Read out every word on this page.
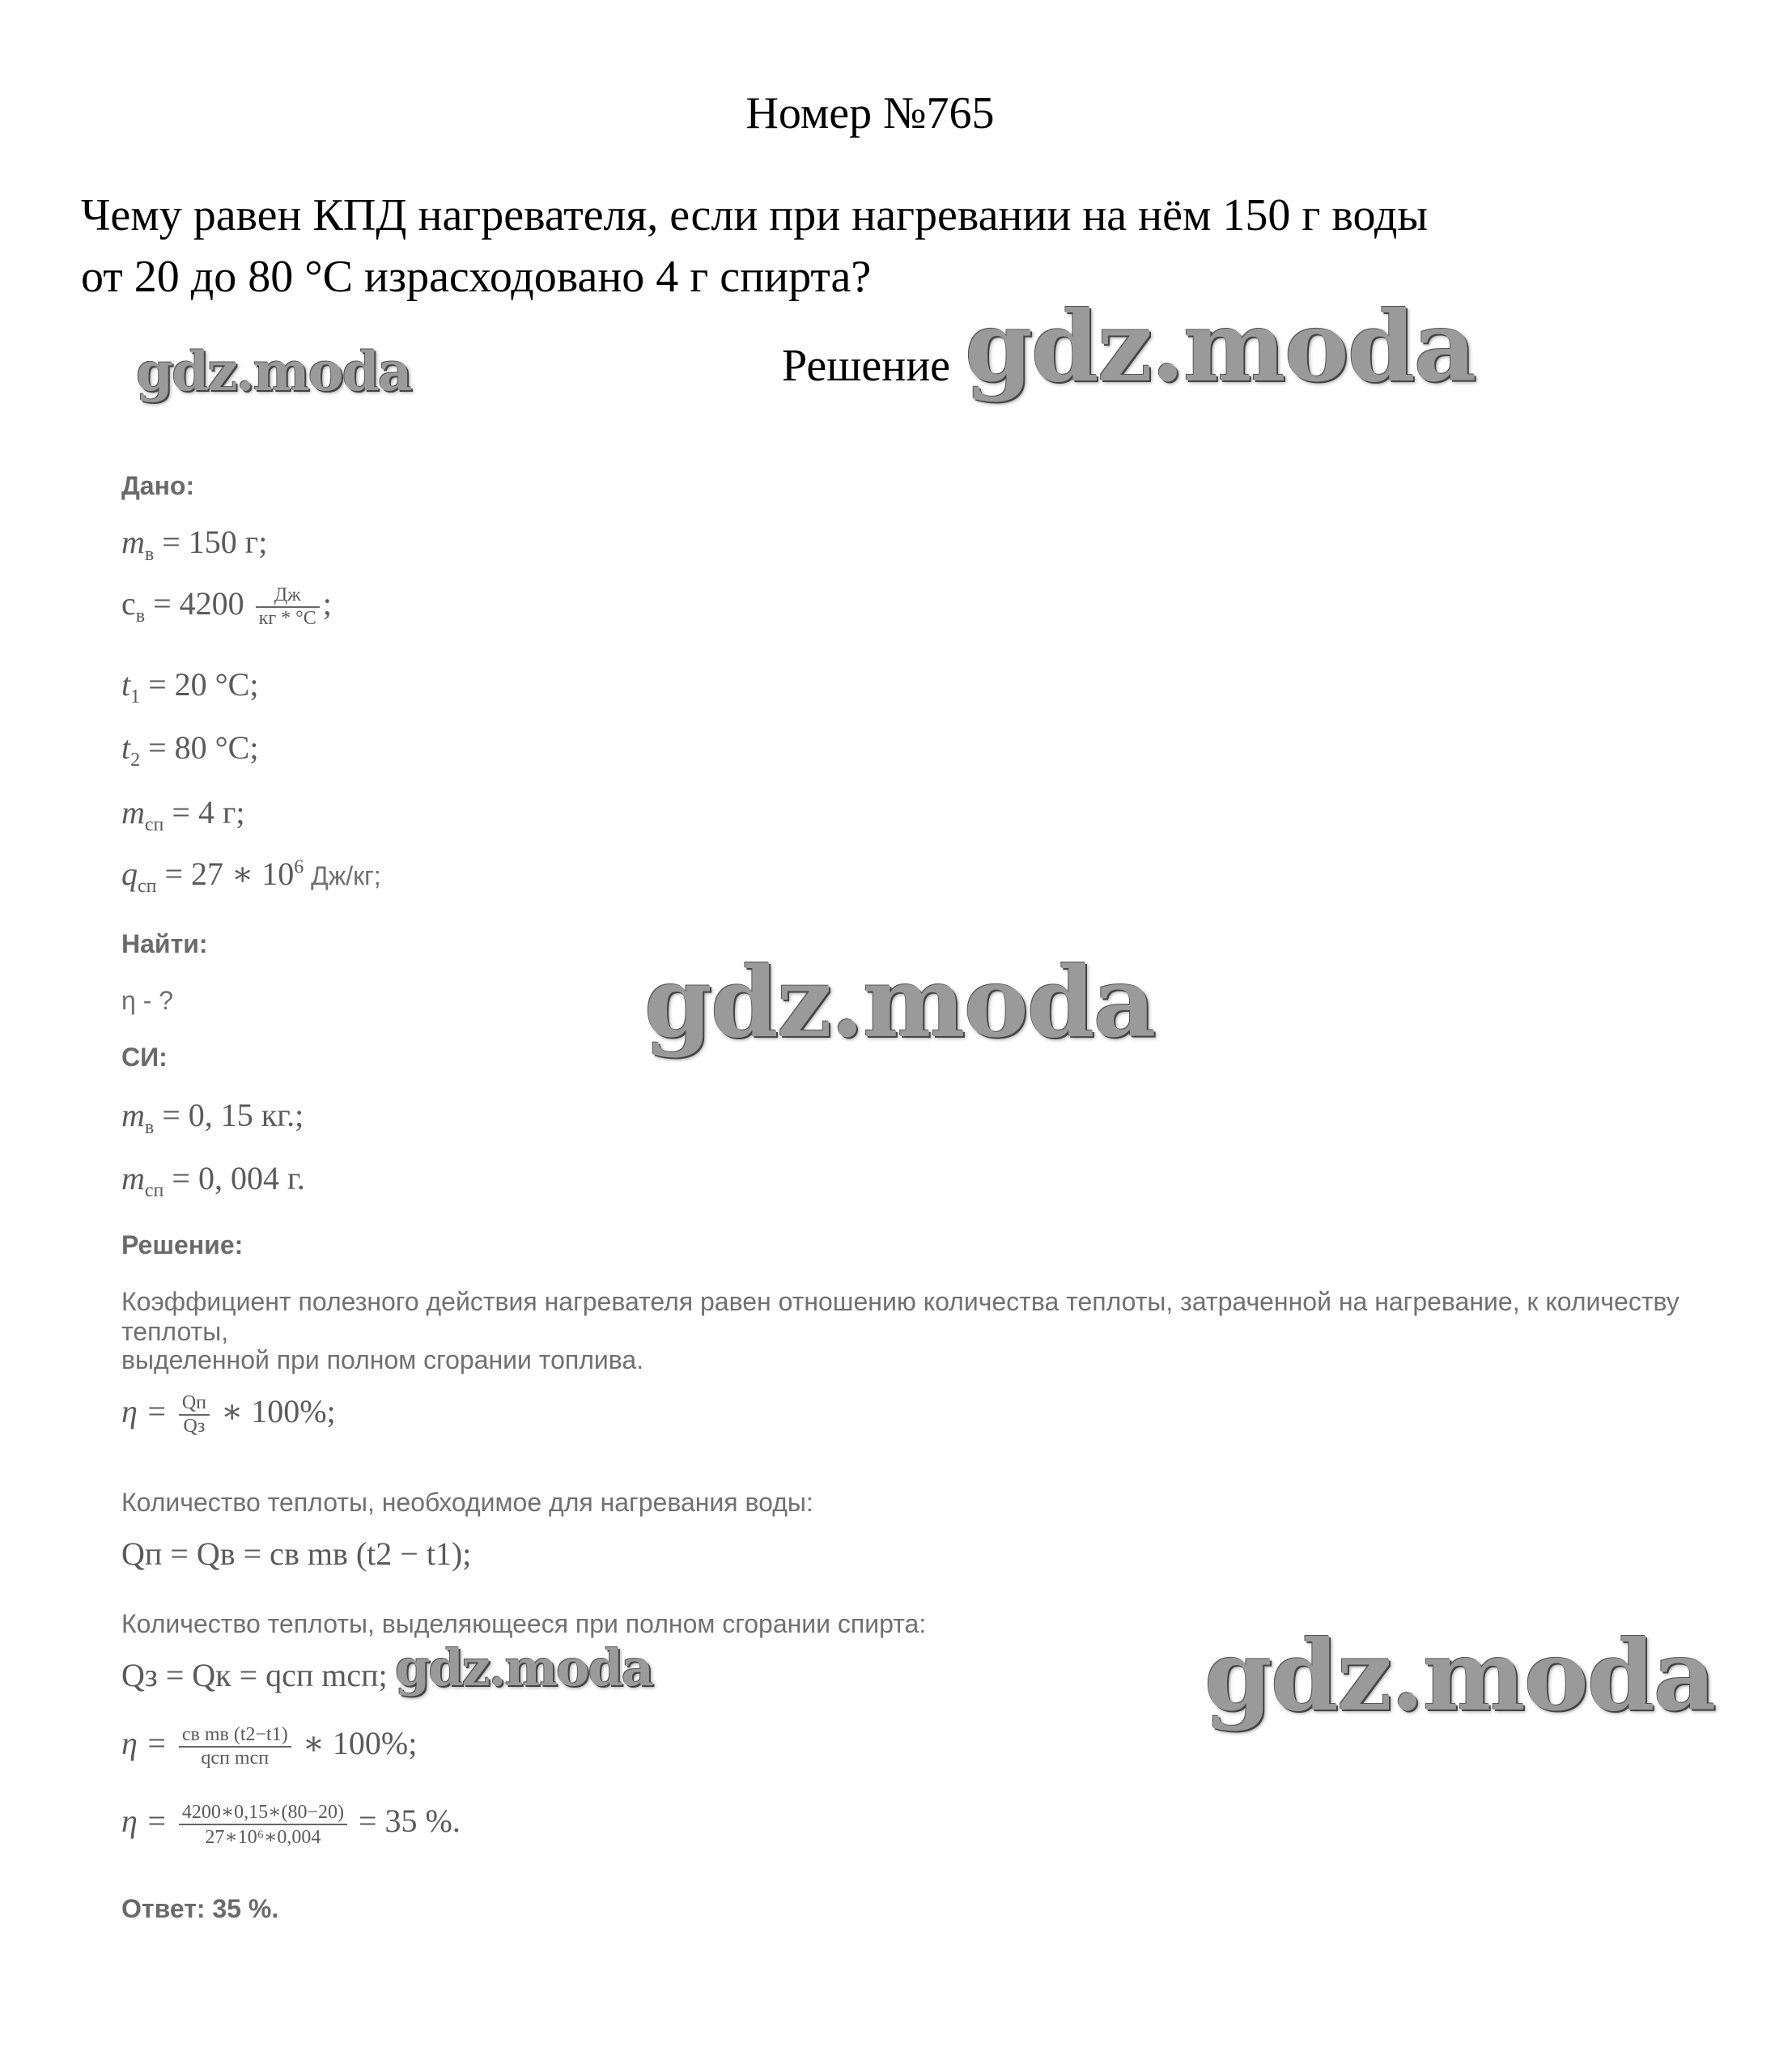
Номер №765
Чему равен КПД нагревателя, если при нагревании на нём 150 г воды
от 20 до 80 °С израсходовано 4 г спирта?
Решение
gdz.moda	gdz.moda
gdz.moda
gdz.moda
gdz.moda
Дано:
$m_в = 150$ г;
$c_в = 4200 \frac{Дж}{кг * ^\circ C}$ ;
$t_1 = 20$ °C;
$t_2 = 80$ °C;
$m_{сп} = 4$ г;
$q_{сп} = 27$ ∗ $10^6$ Дж/кг;
Найти:
η - ?
СИ:
$m_в = 0$, 15 кг.;
$m_{сп} = 0$, 004 г.
Решение:
Коэффициент полезного действия нагревателя равен отношению количества теплоты, затраченной на нагревание, к количеству теплоты,
выделенной при полном сгорании топлива.
$\eta = \frac{Qп}{Qз}$ ∗ 100%;
Количество теплоты, необходимое для нагревания воды:
Qп = Qв = cв mв (t2 − t1);
Количество теплоты, выделяющееся при полном сгорании спирта:
Qз = Qк = qсп mсп;
$\eta = \frac{\text{cв mв (t2−t1)}}{\text{qсп mсп}}$ ∗ 100%;
$\eta = \frac{4200∗0,15∗(80-20)}{\text{27∗10⁶∗0,004}} = 35$ %.
Ответ: 35 %.
